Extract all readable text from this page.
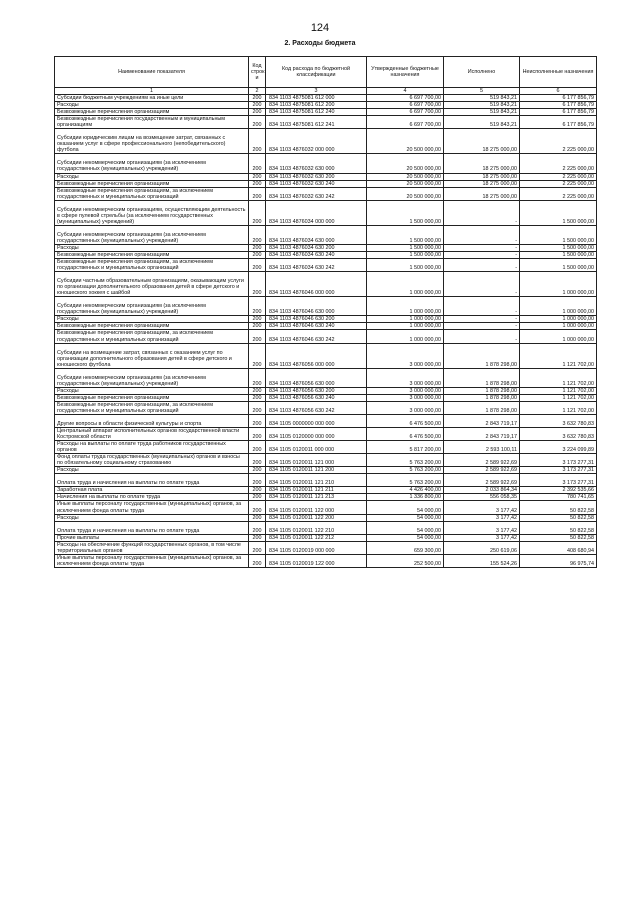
124
2. Расходы бюджета
Наименование показателя	Код строк и	Код расхода по бюджетной классификации	Утвержденные бюджетные назначения	Исполнено	Неисполненные назначения
1	2	3	4	5	6
Субсидии бюджетным учреждениям на иные цели	200	834 1103 4875081 612 000	6 697 700,00	519 843,21	6 177 856,79
Расходы	200	834 1103 4875081 612 200	6 697 700,00	519 843,21	6 177 856,79
Безвозмездные перечисления организациям	200	834 1103 4875081 612 240	6 697 700,00	519 843,21	6 177 856,79
Безвозмездные перечисления государственным и муниципальным организациям	200	834 1103 4875081 612 241	6 697 700,00	519 843,21	6 177 856,79
Субсидии юридическим лицам на возмещение затрат, связанных с оказанием услуг в сфере профессионального (непобедительского) футбола	200	834 1103 4876032 000 000	20 500 000,00	18 275 000,00	2 225 000,00
Субсидии некоммерческим организациям (за исключением государственных (муниципальных) учреждений)	200	834 1103 4876032 630 000	20 500 000,00	18 275 000,00	2 225 000,00
Расходы	200	834 1103 4876032 630 200	20 500 000,00	18 275 000,00	2 225 000,00
Безвозмездные перечисления организациям	200	834 1103 4876032 630 240	20 500 000,00	18 275 000,00	2 225 000,00
Безвозмездные перечисления организациям, за исключением государственных и муниципальных организаций	200	834 1103 4876032 630 242	20 500 000,00	18 275 000,00	2 225 000,00
Субсидии некоммерческим организациям, осуществляющим деятельность в сфере пулевой стрельбы (за исключением государственных (муниципальных) учреждений)	200	834 1103 4876034 000 000	1 500 000,00	-	1 500 000,00
Субсидии некоммерческим организациям (за исключением государственных (муниципальных) учреждений)	200	834 1103 4876034 630 000	1 500 000,00	-	1 500 000,00
Расходы	200	834 1103 4876034 630 200	1 500 000,00	-	1 500 000,00
Безвозмездные перечисления организациям	200	834 1103 4876034 630 240	1 500 000,00	-	1 500 000,00
Безвозмездные перечисления организациям, за исключением государственных и муниципальных организаций	200	834 1103 4876034 630 242	1 500 000,00	-	1 500 000,00
Субсидии частным образовательным организациям, оказывающим услуги по организации дополнительного образования детей в сфере детского и юношеского хоккея с шайбой	200	834 1103 4876046 000 000	1 000 000,00	-	1 000 000,00
Субсидии некоммерческим организациям (за исключением государственных (муниципальных) учреждений)	200	834 1103 4876046 630 000	1 000 000,00	-	1 000 000,00
Расходы	200	834 1103 4876046 630 200	1 000 000,00	-	1 000 000,00
Безвозмездные перечисления организациям	200	834 1103 4876046 630 240	1 000 000,00	-	1 000 000,00
Безвозмездные перечисления организациям, за исключением государственных и муниципальных организаций	200	834 1103 4876046 630 242	1 000 000,00	-	1 000 000,00
Субсидии на возмещение затрат, связанных с оказанием услуг по организации дополнительного образования детей в сфере детского и юношеского футбола	200	834 1103 4876056 000 000	3 000 000,00	1 878 298,00	1 121 702,00
Субсидии некоммерческим организациям (за исключением государственных (муниципальных) учреждений)	200	834 1103 4876056 630 000	3 000 000,00	1 878 298,00	1 121 702,00
Расходы	200	834 1103 4876056 630 200	3 000 000,00	1 878 298,00	1 121 702,00
Безвозмездные перечисления организациям	200	834 1103 4876056 630 240	3 000 000,00	1 878 298,00	1 121 702,00
Безвозмездные перечисления организациям, за исключением государственных и муниципальных организаций	200	834 1103 4876056 630 242	3 000 000,00	1 878 298,00	1 121 702,00
Другие вопросы в области физической культуры и спорта	200	834 1105 0000000 000 000	6 476 500,00	2 843 719,17	3 632 780,83
Центральный аппарат исполнительных органов государственной власти Костромской области	200	834 1105 0120000 000 000	6 476 500,00	2 843 719,17	3 632 780,83
Расходы на выплаты по оплате труда работников государственных органов	200	834 1105 0120011 000 000	5 817 200,00	2 593 100,11	3 224 099,89
Фонд оплаты труда государственных (муниципальных) органов и взносы по обязательному социальному страхованию	200	834 1105 0120011 121 000	5 763 200,00	2 589 922,69	3 173 277,31
Расходы	200	834 1105 0120011 121 200	5 763 200,00	2 589 922,69	3 173 277,31
Оплата труда и начисления на выплаты по оплате труда	200	834 1105 0120011 121 210	5 763 200,00	2 589 922,69	3 173 277,31
Заработная плата	200	834 1105 0120011 121 211	4 426 400,00	2 033 864,34	2 392 535,66
Начисления на выплаты по оплате труда	200	834 1105 0120011 121 213	1 336 800,00	556 058,35	780 741,65
Иные выплаты персоналу государственных (муниципальных) органов, за исключением фонда оплаты труда	200	834 1105 0120011 122 000	54 000,00	3 177,42	50 822,58
Расходы	200	834 1105 0120011 122 200	54 000,00	3 177,42	50 822,58
Оплата труда и начисления на выплаты по оплате труда	200	834 1105 0120011 122 210	54 000,00	3 177,42	50 822,58
Прочие выплаты	200	834 1105 0120011 122 212	54 000,00	3 177,42	50 822,58
Расходы на обеспечение функций государственных органов, в том числе территориальных органов	200	834 1105 0120019 000 000	659 300,00	250 619,06	408 680,94
Иные выплаты персоналу государственных (муниципальных) органов, за исключением фонда оплаты труда	200	834 1105 0120019 122 000	252 500,00	155 524,26	96 975,74
